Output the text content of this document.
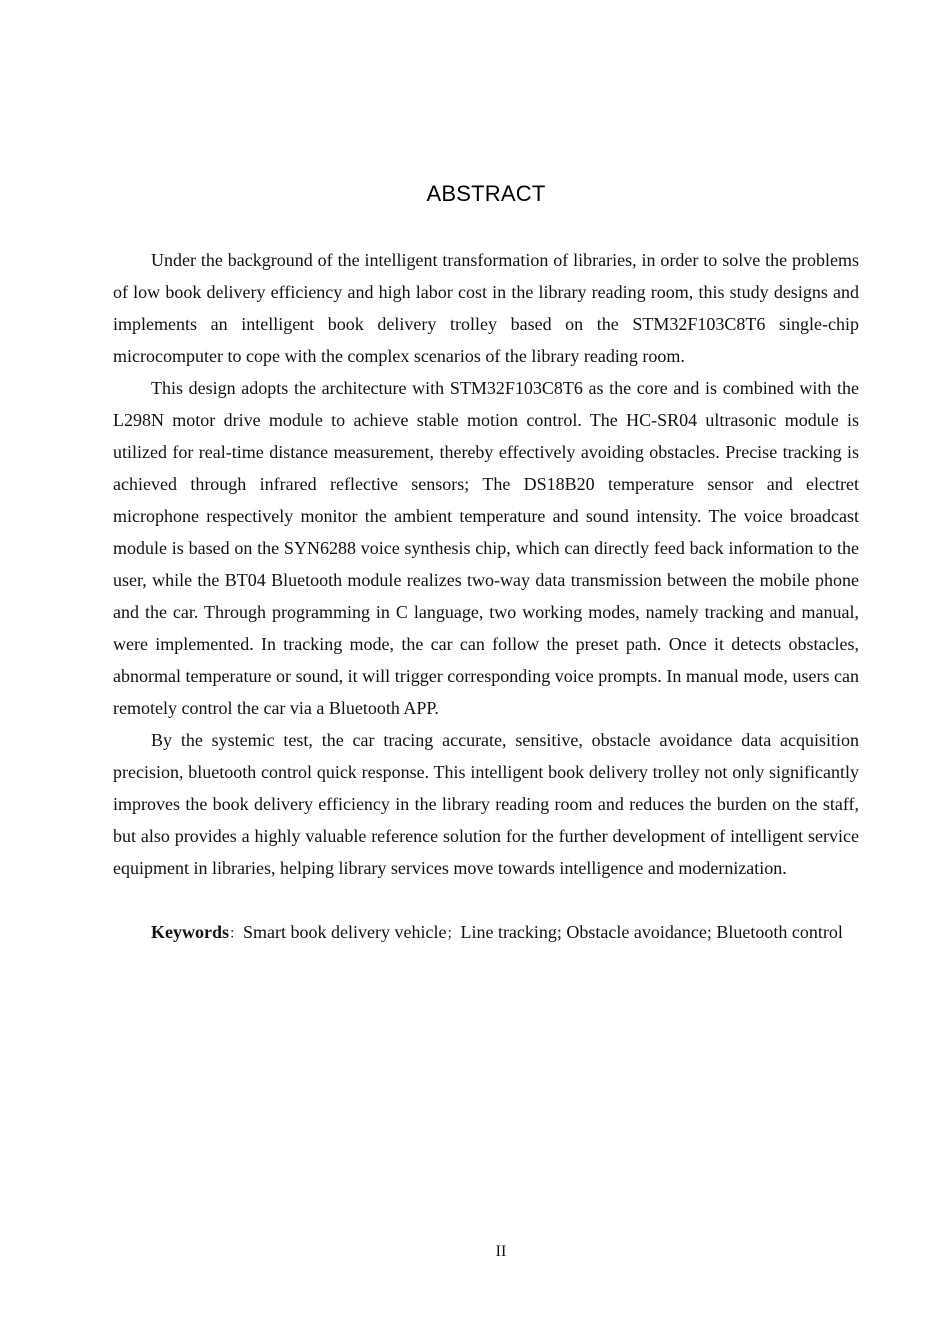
ABSTRACT

Under the background of the intelligent transformation of libraries, in order to solve the problems of low book delivery efficiency and high labor cost in the library reading room, this study designs and implements an intelligent book delivery trolley based on the STM32F103C8T6 single-chip microcomputer to cope with the complex scenarios of the library reading room.

This design adopts the architecture with STM32F103C8T6 as the core and is combined with the L298N motor drive module to achieve stable motion control. The HC-SR04 ultrasonic module is utilized for real-time distance measurement, thereby effectively avoiding obstacles. Precise tracking is achieved through infrared reflective sensors; The DS18B20 temperature sensor and electret microphone respectively monitor the ambient temperature and sound intensity. The voice broadcast module is based on the SYN6288 voice synthesis chip, which can directly feed back information to the user, while the BT04 Bluetooth module realizes two-way data transmission between the mobile phone and the car. Through programming in C language, two working modes, namely tracking and manual, were implemented. In tracking mode, the car can follow the preset path. Once it detects obstacles, abnormal temperature or sound, it will trigger corresponding voice prompts. In manual mode, users can remotely control the car via a Bluetooth APP.

By the systemic test, the car tracing accurate, sensitive, obstacle avoidance data acquisition precision, bluetooth control quick response. This intelligent book delivery trolley not only significantly improves the book delivery efficiency in the library reading room and reduces the burden on the staff, but also provides a highly valuable reference solution for the further development of intelligent service equipment in libraries, helping library services move towards intelligence and modernization.

Keywords：Smart book delivery vehicle；Line tracking; Obstacle avoidance; Bluetooth control

II
